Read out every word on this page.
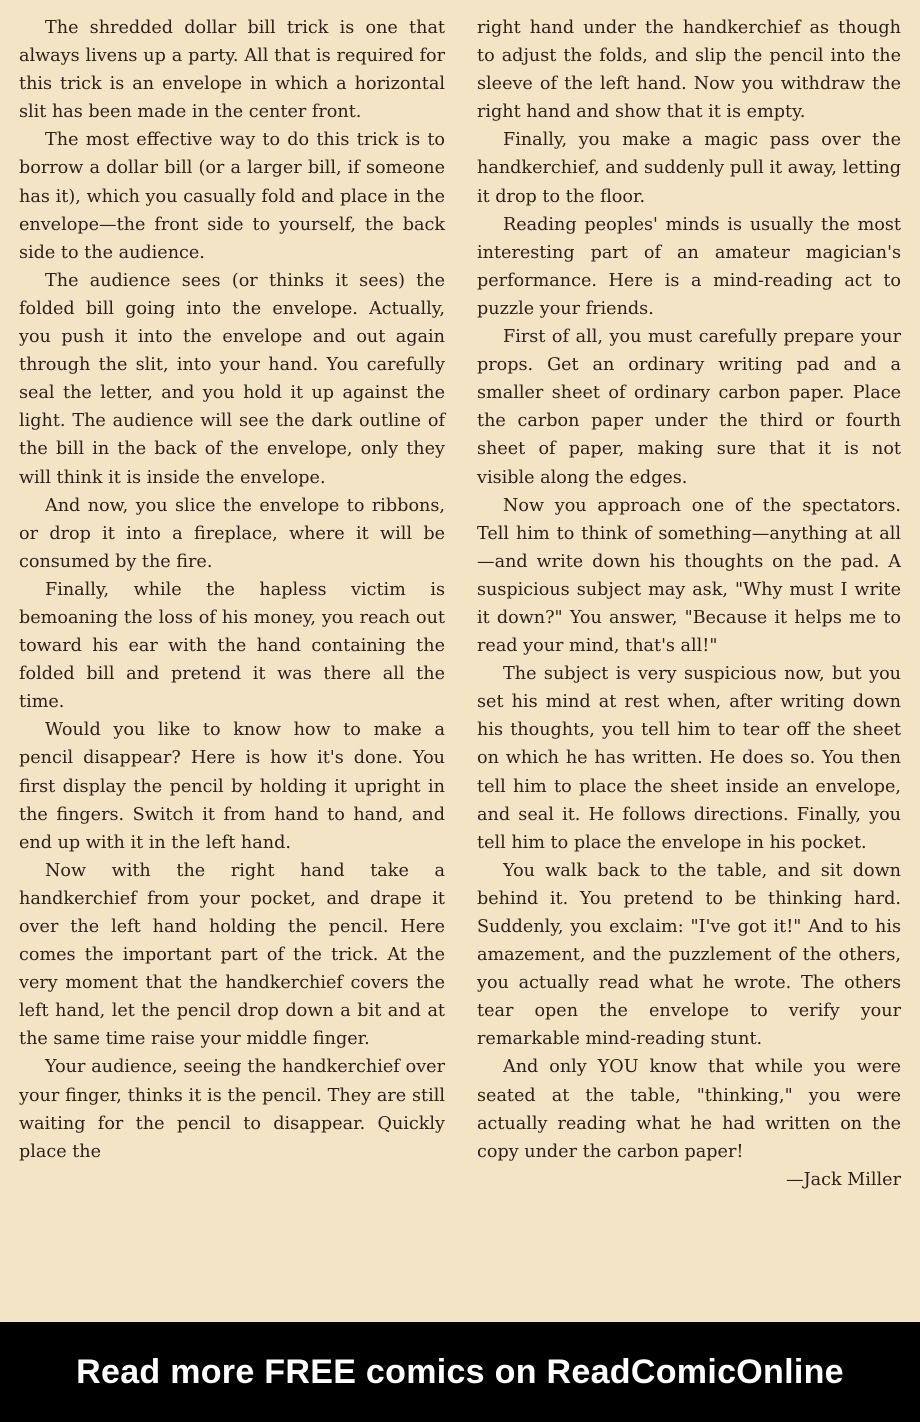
The shredded dollar bill trick is one that always livens up a party. All that is required for this trick is an envelope in which a horizontal slit has been made in the center front.

The most effective way to do this trick is to borrow a dollar bill (or a larger bill, if someone has it), which you casually fold and place in the envelope—the front side to yourself, the back side to the audience.

The audience sees (or thinks it sees) the folded bill going into the envelope. Actually, you push it into the envelope and out again through the slit, into your hand. You carefully seal the letter, and you hold it up against the light. The audience will see the dark outline of the bill in the back of the envelope, only they will think it is inside the envelope.

And now, you slice the envelope to ribbons, or drop it into a fireplace, where it will be consumed by the fire.

Finally, while the hapless victim is bemoaning the loss of his money, you reach out toward his ear with the hand containing the folded bill and pretend it was there all the time.

Would you like to know how to make a pencil disappear? Here is how it's done. You first display the pencil by holding it upright in the fingers. Switch it from hand to hand, and end up with it in the left hand.

Now with the right hand take a handkerchief from your pocket, and drape it over the left hand holding the pencil. Here comes the important part of the trick. At the very moment that the handkerchief covers the left hand, let the pencil drop down a bit and at the same time raise your middle finger.

Your audience, seeing the handkerchief over your finger, thinks it is the pencil. They are still waiting for the pencil to disappear. Quickly place the

right hand under the handkerchief as though to adjust the folds, and slip the pencil into the sleeve of the left hand. Now you withdraw the right hand and show that it is empty.

Finally, you make a magic pass over the handkerchief, and suddenly pull it away, letting it drop to the floor.

Reading peoples' minds is usually the most interesting part of an amateur magician's performance. Here is a mind-reading act to puzzle your friends.

First of all, you must carefully prepare your props. Get an ordinary writing pad and a smaller sheet of ordinary carbon paper. Place the carbon paper under the third or fourth sheet of paper, making sure that it is not visible along the edges.

Now you approach one of the spectators. Tell him to think of something—anything at all—and write down his thoughts on the pad. A suspicious subject may ask, "Why must I write it down?" You answer, "Because it helps me to read your mind, that's all!"

The subject is very suspicious now, but you set his mind at rest when, after writing down his thoughts, you tell him to tear off the sheet on which he has written. He does so. You then tell him to place the sheet inside an envelope, and seal it. He follows directions. Finally, you tell him to place the envelope in his pocket.

You walk back to the table, and sit down behind it. You pretend to be thinking hard. Suddenly, you exclaim: "I've got it!" And to his amazement, and the puzzlement of the others, you actually read what he wrote. The others tear open the envelope to verify your remarkable mind-reading stunt.

And only YOU know that while you were seated at the table, "thinking," you were actually reading what he had written on the copy under the carbon paper!

—Jack Miller
Read more FREE comics on ReadComicOnline
